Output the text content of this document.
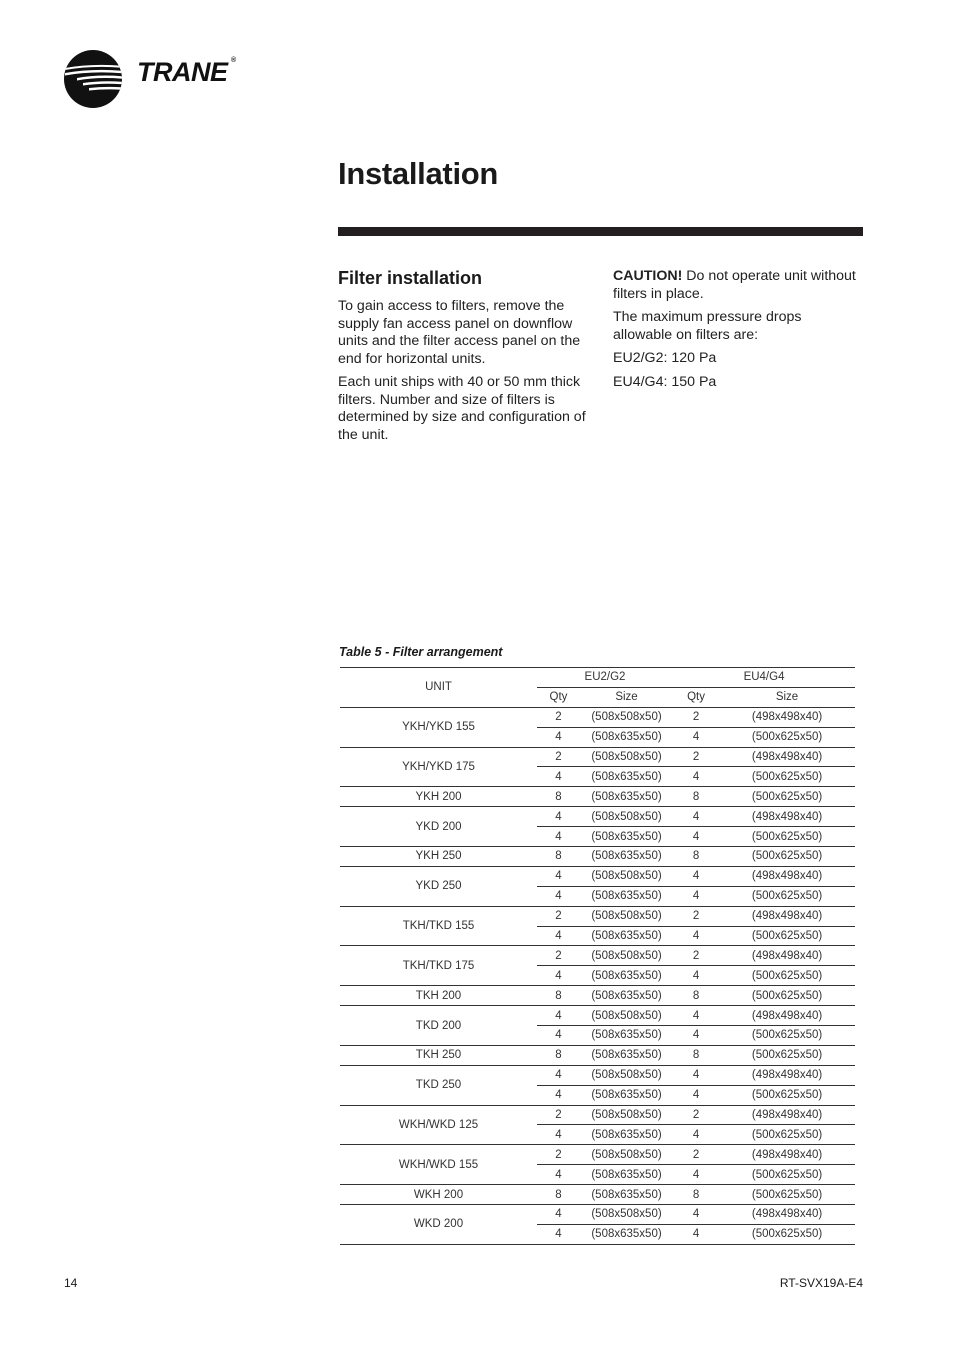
TRANE ®
Installation
Filter installation

To gain access to filters, remove the supply fan access panel on downflow units and the filter access panel on the end for horizontal units.

Each unit ships with 40 or 50 mm thick filters. Number and size of filters is determined by size and configuration of the unit.

CAUTION! Do not operate unit without filters in place.

The maximum pressure drops allowable on filters are:

EU2/G2: 120 Pa

EU4/G4: 150 Pa

Table 5 - Filter arrangement

UNIT	EU2/G2		EU4/G4	
	Qty	Size	Qty	Size
YKH/YKD 155	2	(508x508x50)	2	(498x498x40)
	4	(508x635x50)	4	(500x625x50)
YKH/YKD 175	2	(508x508x50)	2	(498x498x40)
	4	(508x635x50)	4	(500x625x50)
YKH 200	8	(508x635x50)	8	(500x625x50)
YKD 200	4	(508x508x50)	4	(498x498x40)
	4	(508x635x50)	4	(500x625x50)
YKH 250	8	(508x635x50)	8	(500x625x50)
YKD 250	4	(508x508x50)	4	(498x498x40)
	4	(508x635x50)	4	(500x625x50)
TKH/TKD 155	2	(508x508x50)	2	(498x498x40)
	4	(508x635x50)	4	(500x625x50)
TKH/TKD 175	2	(508x508x50)	2	(498x498x40)
	4	(508x635x50)	4	(500x625x50)
TKH 200	8	(508x635x50)	8	(500x625x50)
TKD 200	4	(508x508x50)	4	(498x498x40)
	4	(508x635x50)	4	(500x625x50)
TKH 250	8	(508x635x50)	8	(500x625x50)
TKD 250	4	(508x508x50)	4	(498x498x40)
	4	(508x635x50)	4	(500x625x50)
WKH/WKD 125	2	(508x508x50)	2	(498x498x40)
	4	(508x635x50)	4	(500x625x50)
WKH/WKD 155	2	(508x508x50)	2	(498x498x40)
	4	(508x635x50)	4	(500x625x50)
WKH 200	8	(508x635x50)	8	(500x625x50)
WKD 200	4	(508x508x50)	4	(498x498x40)
	4	(508x635x50)	4	(500x625x50)
14	RT-SVX19A-E4
